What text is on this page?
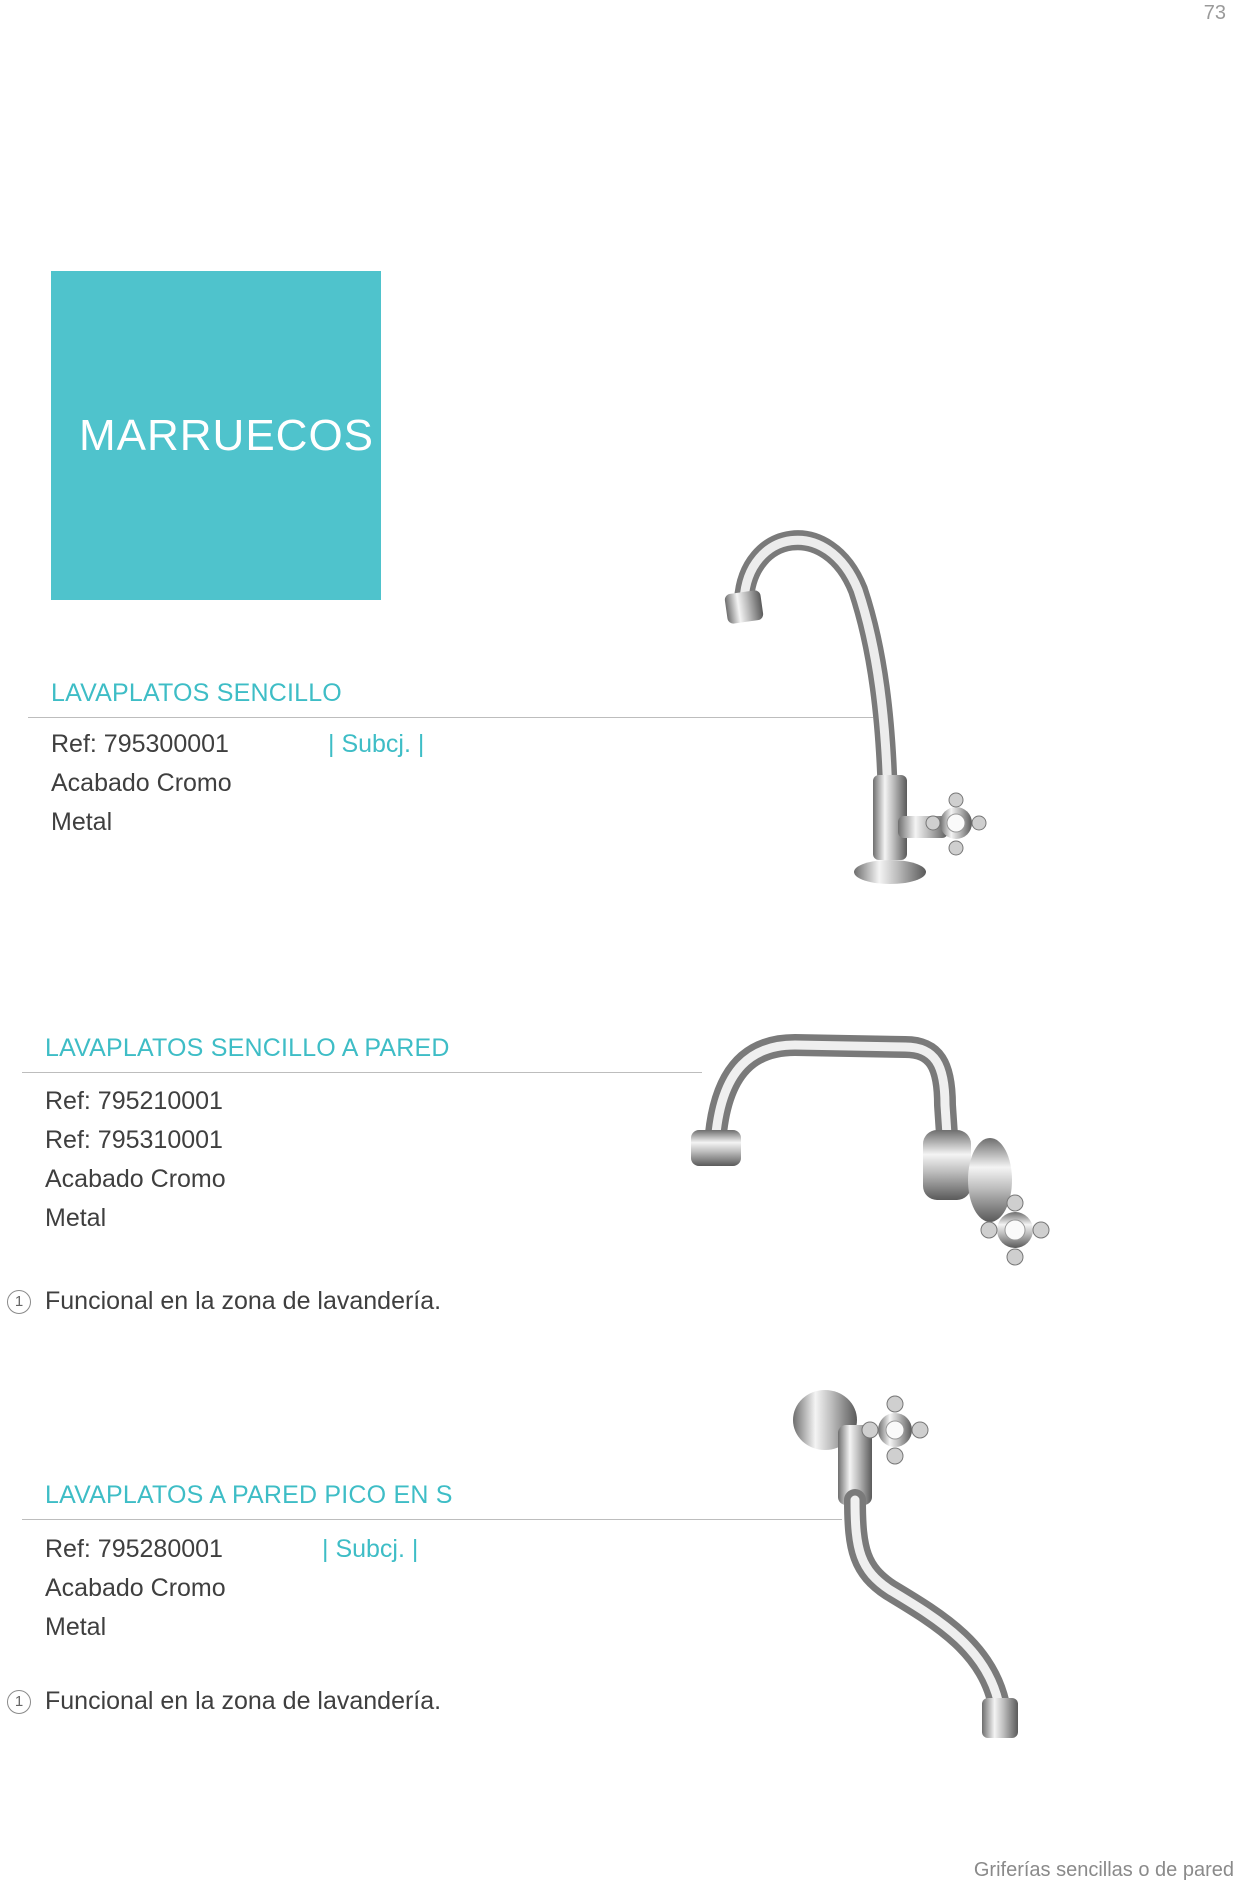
73
MARRUECOS
LAVAPLATOS SENCILLO
Ref: 795300001	| Subcj. |
Acabado Cromo
Metal
LAVAPLATOS SENCILLO A PARED
Ref: 795210001
Ref: 795310001
Acabado Cromo
Metal
1 Funcional en la zona de lavandería.
LAVAPLATOS A PARED PICO EN S
Ref: 795280001	| Subcj. |
Acabado Cromo
Metal
1 Funcional en la zona de lavandería.
Griferías sencillas o de pared
